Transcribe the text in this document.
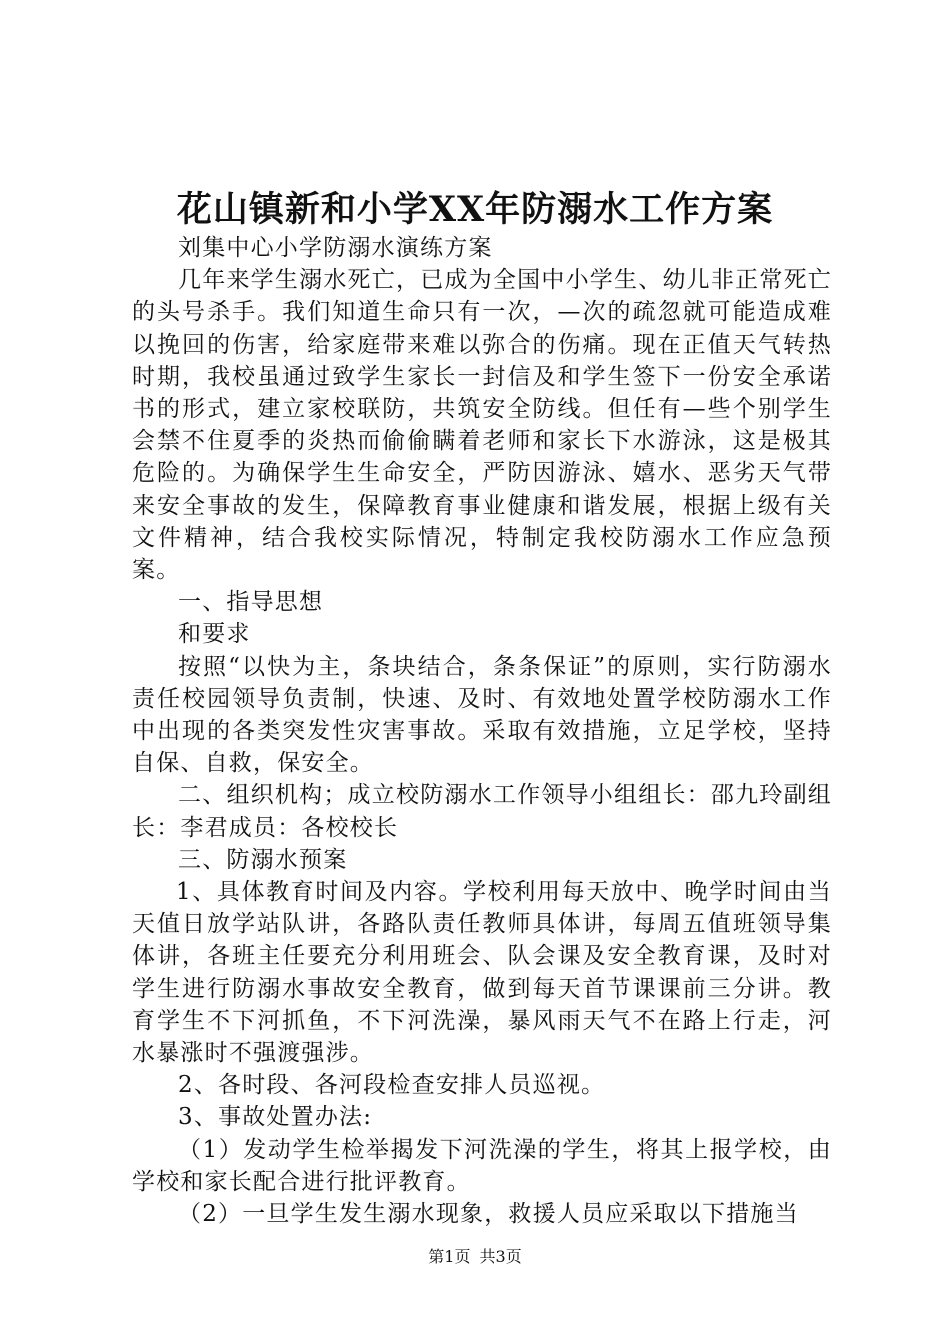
花山镇新和小学XX年防溺水工作方案

刘集中心小学防溺水演练方案

几年来学生溺水死亡，已成为全国中小学生、幼儿非正常死亡的头号杀手。我们知道生命只有一次，—次的疏忽就可能造成难以挽回的伤害，给家庭带来难以弥合的伤痛。现在正值天气转热时期，我校虽通过致学生家长一封信及和学生签下一份安全承诺书的形式，建立家校联防，共筑安全防线。但任有—些个别学生会禁不住夏季的炎热而偷偷瞒着老师和家长下水游泳，这是极其危险的。为确保学生生命安全，严防因游泳、嬉水、恶劣天气带来安全事故的发生，保障教育事业健康和谐发展，根据上级有关文件精神，结合我校实际情况，特制定我校防溺水工作应急预案。

一、指导思想

和要求

按照“以快为主，条块结合，条条保证”的原则，实行防溺水责任校园领导负责制，快速、及时、有效地处置学校防溺水工作中出现的各类突发性灾害事故。采取有效措施，立足学校，坚持自保、自救，保安全。

二、组织机构；成立校防溺水工作领导小组组长：邵九玲副组长：李君成员：各校校长

三、防溺水预案

1、具体教育时间及内容。学校利用每天放中、晚学时间由当天值日放学站队讲，各路队责任教师具体讲，每周五值班领导集体讲，各班主任要充分利用班会、队会课及安全教育课，及时对学生进行防溺水事故安全教育，做到每天首节课课前三分讲。教育学生不下河抓鱼，不下河洗澡，暴风雨天气不在路上行走，河水暴涨时不强渡强涉。

2、各时段、各河段检查安排人员巡视。

3、事故处置办法:

（1）发动学生检举揭发下河洗澡的学生，将其上报学校，由学校和家长配合进行批评教育。

（2）一旦学生发生溺水现象，救援人员应采取以下措施当

第1页 共3页
